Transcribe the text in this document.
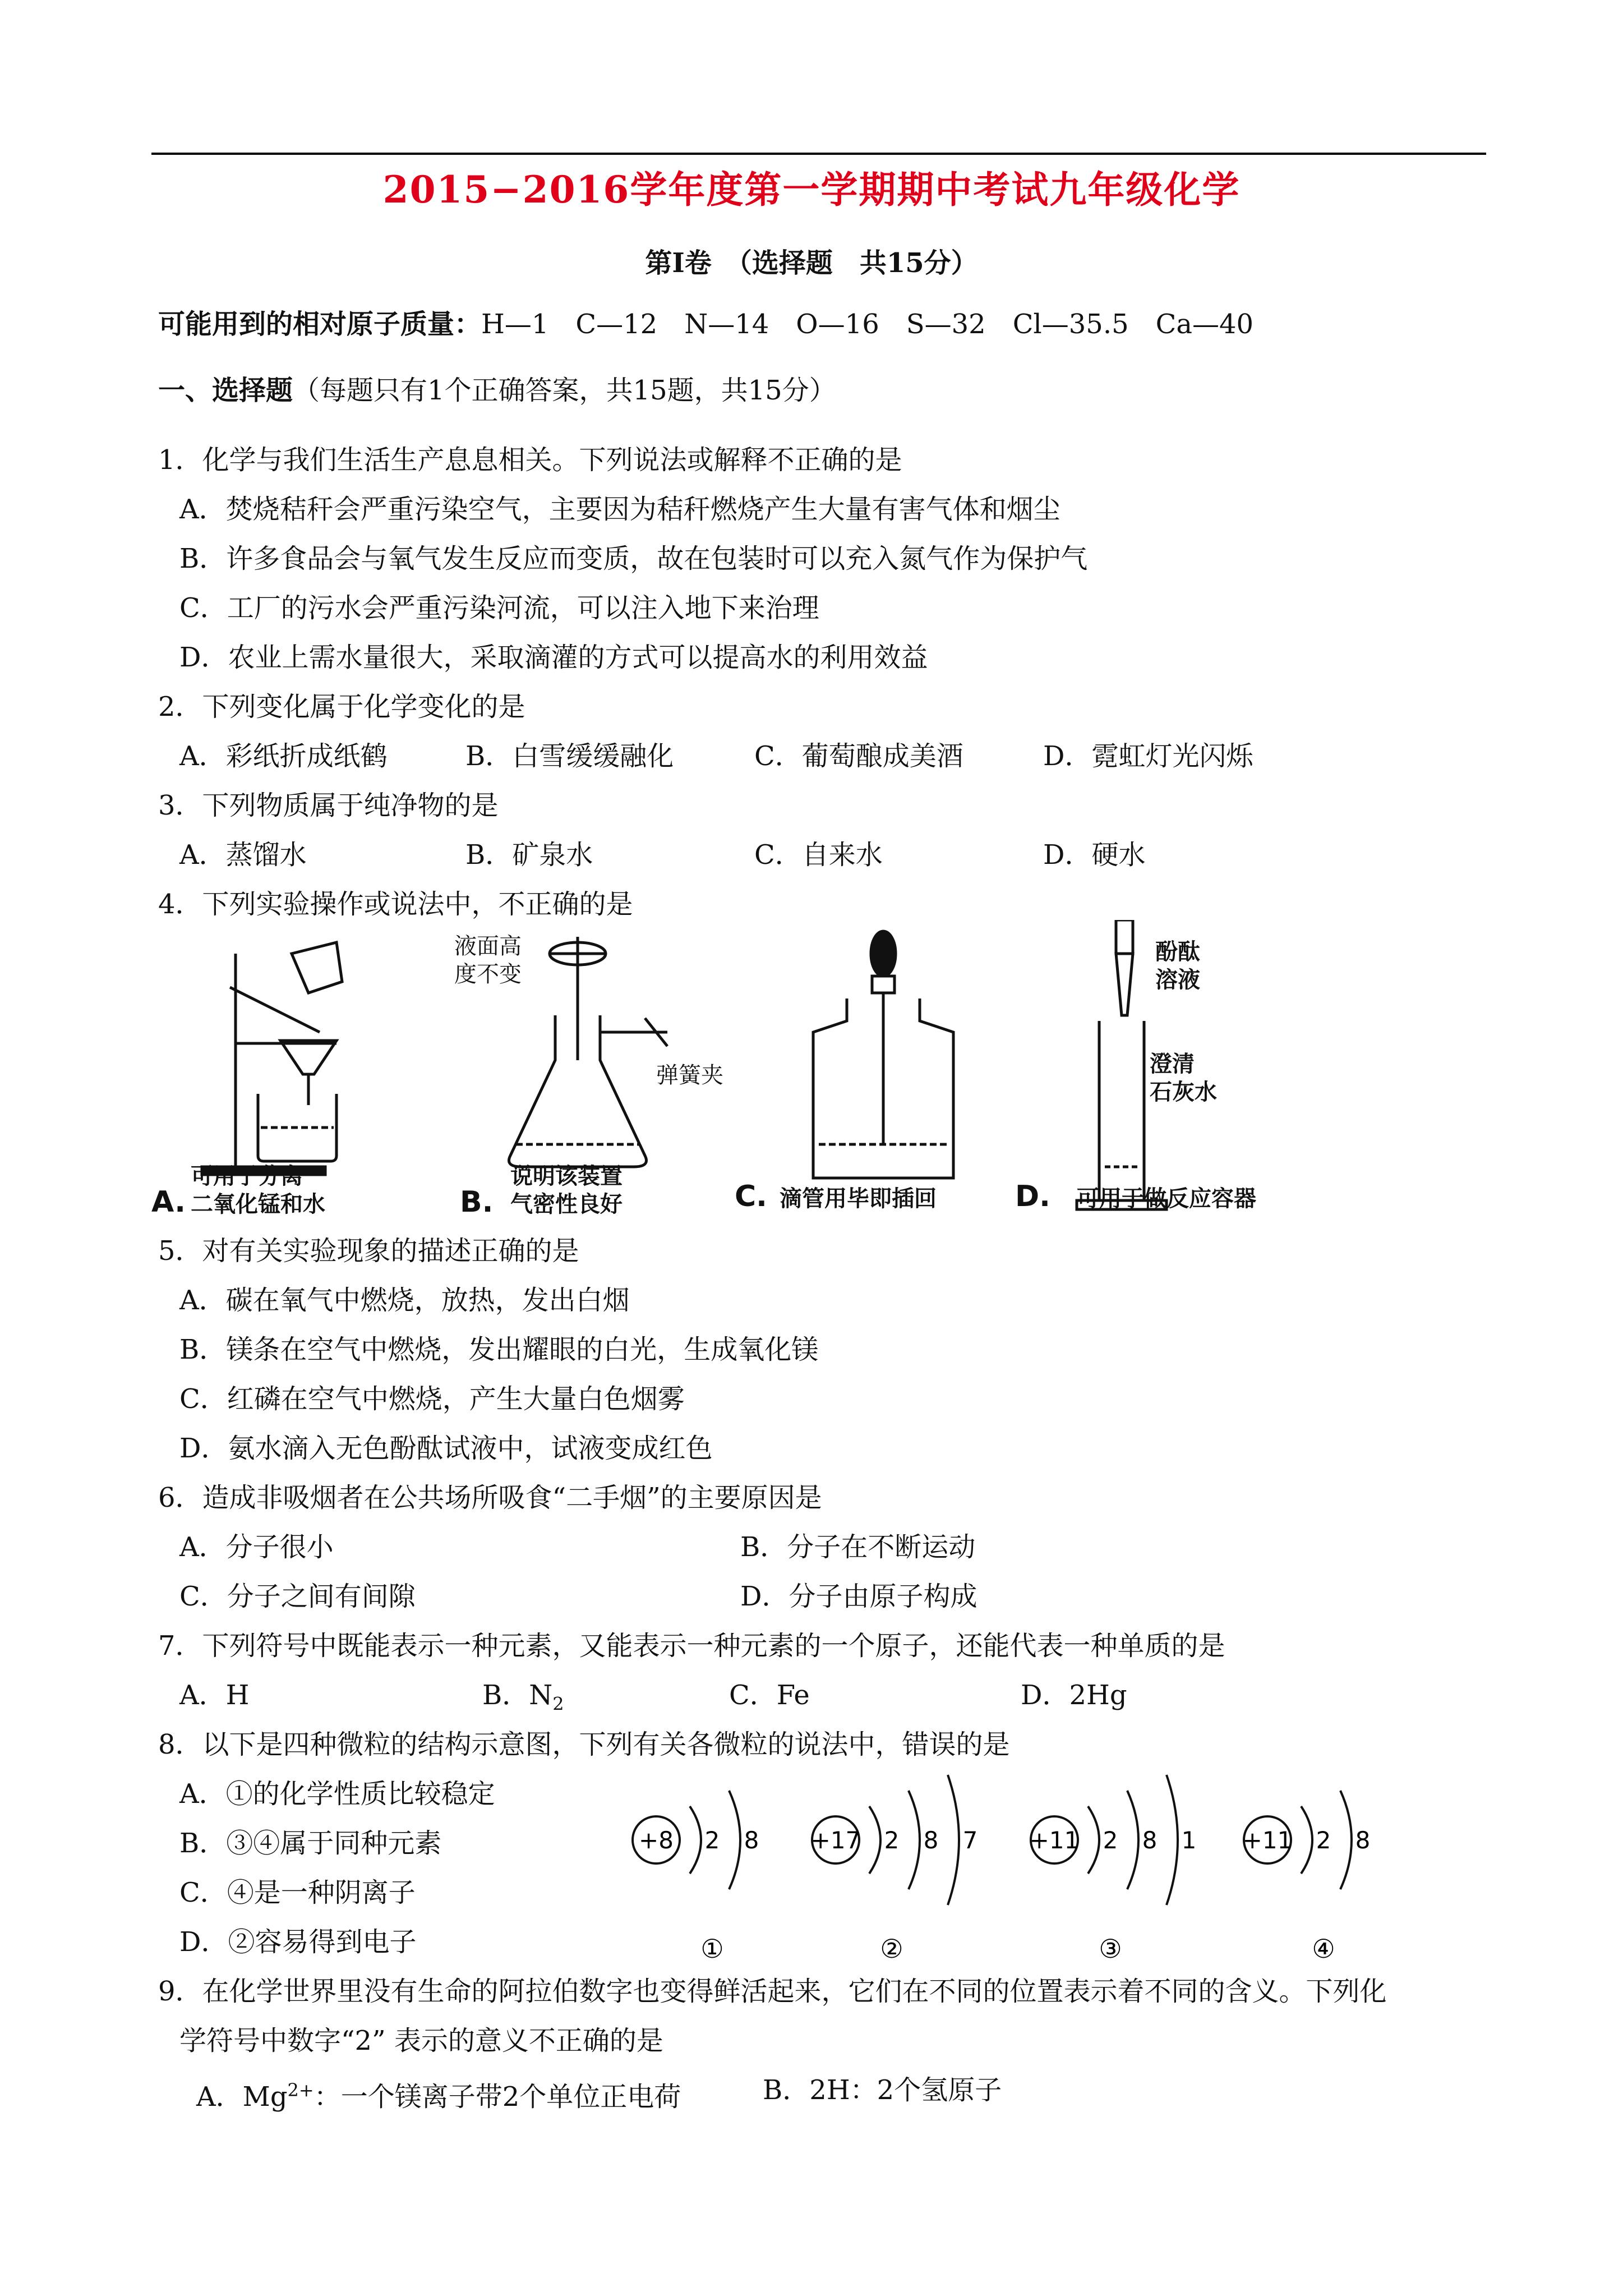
2015−2016学年度第一学期期中考试九年级化学
第Ⅰ卷　（选择题　共15分）
可能用到的相对原子质量：H—1　C—12　N—14　O—16　S—32　Cl—35.5　Ca—40
一、选择题（每题只有1个正确答案，共15题，共15分）
1．化学与我们生活生产息息相关。下列说法或解释不正确的是
A．焚烧秸秆会严重污染空气，主要因为秸秆燃烧产生大量有害气体和烟尘
B．许多食品会与氧气发生反应而变质，故在包装时可以充入氮气作为保护气
C．工厂的污水会严重污染河流，可以注入地下来治理
D．农业上需水量很大，采取滴灌的方式可以提高水的利用效益
2．下列变化属于化学变化的是
A．彩纸折成纸鹤	B．白雪缓缓融化	C．葡萄酿成美酒	D．霓虹灯光闪烁
3．下列物质属于纯净物的是
A．蒸馏水	B．矿泉水	C．自来水	D．硬水
4．下列实验操作或说法中，不正确的是
A.
可用于分离
二氧化锰和水	B.
说明该装置
气密性良好
液面高
度不变
弹簧夹
C. 滴管用毕即插回	D. 可用于做反应容器
酚酞
溶液
澄清
石灰水
5．对有关实验现象的描述正确的是
A．碳在氧气中燃烧，放热，发出白烟
B．镁条在空气中燃烧，发出耀眼的白光，生成氧化镁
C．红磷在空气中燃烧，产生大量白色烟雾
D．氨水滴入无色酚酞试液中，试液变成红色
6．造成非吸烟者在公共场所吸食“二手烟”的主要原因是
A．分子很小	B．分子在不断运动
C．分子之间有间隙	D．分子由原子构成
7．下列符号中既能表示一种元素，又能表示一种元素的一个原子，还能代表一种单质的是
A．H	B．$N_2$	C．Fe	D．2Hg
8．以下是四种微粒的结构示意图，下列有关各微粒的说法中，错误的是
A．①的化学性质比较稳定
B．③④属于同种元素
C．④是一种阴离子
D．②容易得到电子
+8 2 8
①
+17 2 8 7
②
+11 2 8 1
③
+11 2 8
④
9．在化学世界里没有生命的阿拉伯数字也变得鲜活起来，它们在不同的位置表示着不同的含义。下列化
学符号中数字“2” 表示的意义不正确的是
A．$Mg^{2+}$：一个镁离子带2个单位正电荷	B．2H：2个氢原子
